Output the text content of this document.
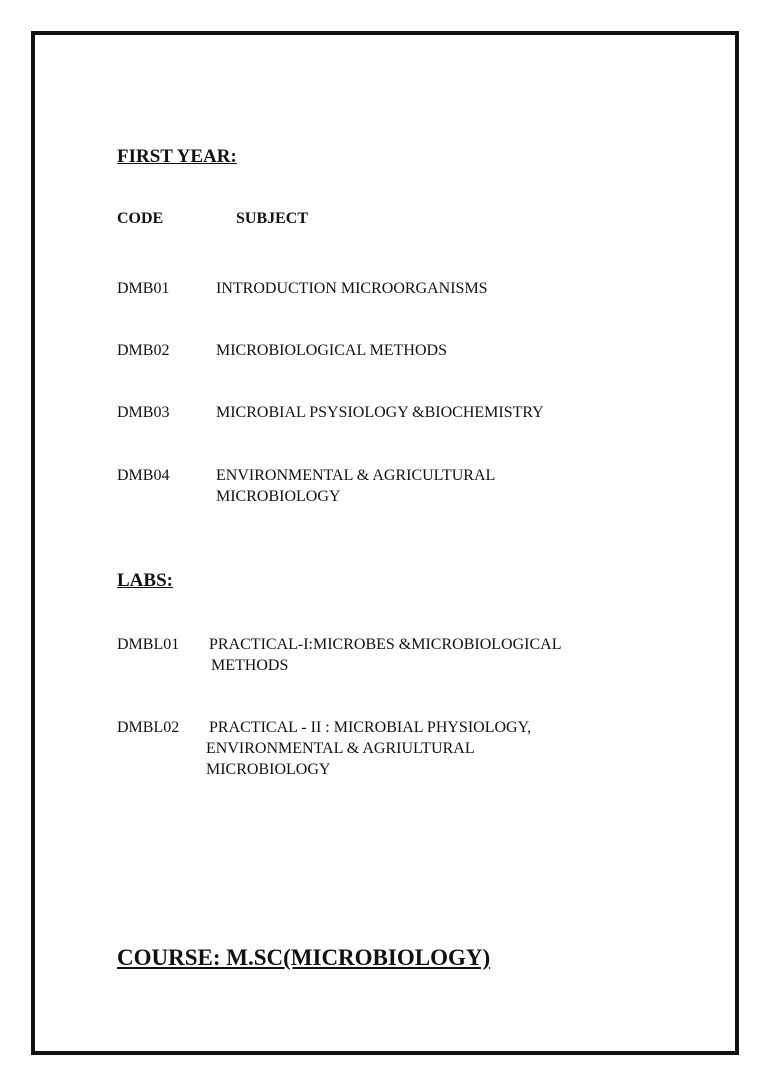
FIRST YEAR:
CODE	SUBJECT
DMB01	INTRODUCTION MICROORGANISMS
DMB02	MICROBIOLOGICAL METHODS
DMB03	MICROBIAL PSYSIOLOGY &BIOCHEMISTRY
DMB04	ENVIRONMENTAL & AGRICULTURAL
MICROBIOLOGY
LABS:
DMBL01 PRACTICAL-I:MICROBES &MICROBIOLOGICAL
METHODS
DMBL02 PRACTICAL - II : MICROBIAL PHYSIOLOGY,
ENVIRONMENTAL & AGRIULTURAL
MICROBIOLOGY
COURSE: M.SC(MICROBIOLOGY)
